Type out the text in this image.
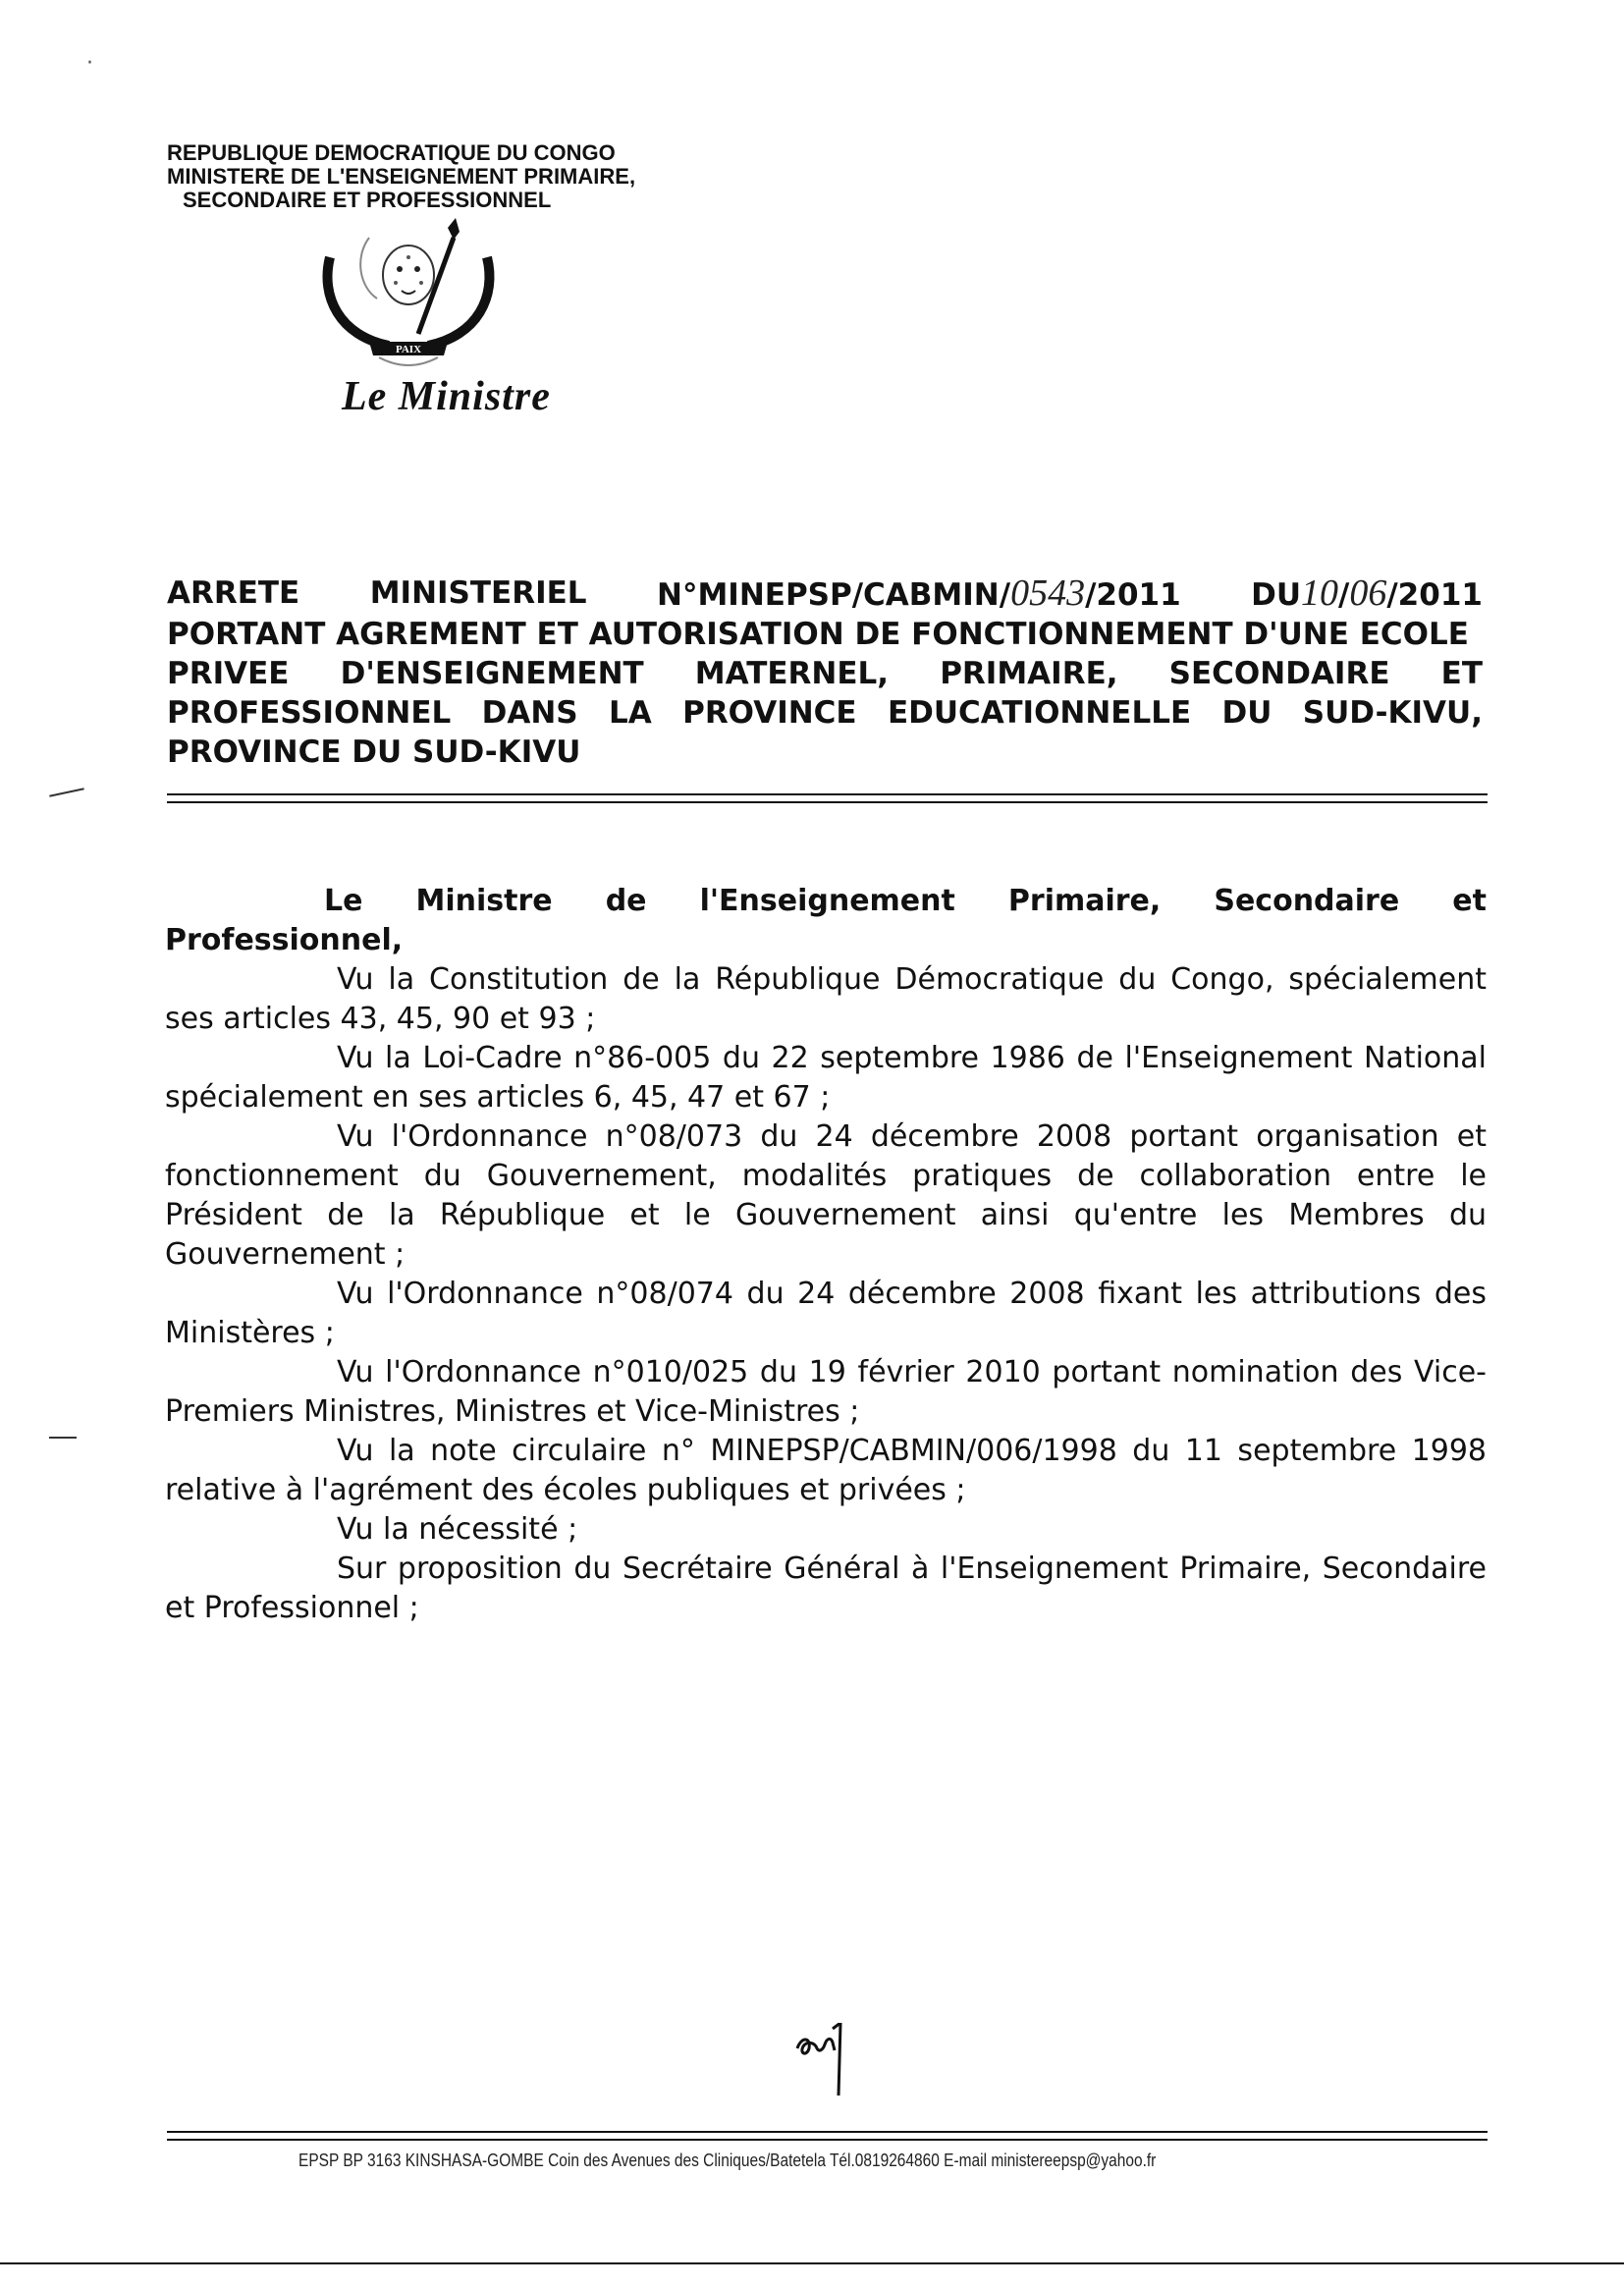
·
REPUBLIQUE DEMOCRATIQUE DU CONGO
MINISTERE DE L'ENSEIGNEMENT PRIMAIRE,
SECONDAIRE ET PROFESSIONNEL
PAIX
Le Ministre
ARRETE MINISTERIEL N°MINEPSP/CABMIN/0543/2011 DU10/06/2011
PORTANT AGREMENT ET AUTORISATION DE FONCTIONNEMENT D'UNE ECOLE
PRIVEE D'ENSEIGNEMENT MATERNEL, PRIMAIRE, SECONDAIRE ET
PROFESSIONNEL DANS LA PROVINCE EDUCATIONNELLE DU SUD-KIVU,
PROVINCE DU SUD-KIVU
Le Ministre de l'Enseignement Primaire, Secondaire et
Professionnel,

Vu la Constitution de la République Démocratique du Congo, spécialement ses articles 43, 45, 90 et 93 ;

Vu la Loi-Cadre n°86-005 du 22 septembre 1986 de l'Enseignement National spécialement en ses articles 6, 45, 47 et 67 ;

Vu l'Ordonnance n°08/073 du 24 décembre 2008 portant organisation et fonctionnement du Gouvernement, modalités pratiques de collaboration entre le Président de la République et le Gouvernement ainsi qu'entre les Membres du Gouvernement ;

Vu l'Ordonnance n°08/074 du 24 décembre 2008 fixant les attributions des Ministères ;

Vu l'Ordonnance n°010/025 du 19 février 2010 portant nomination des Vice-Premiers Ministres, Ministres et Vice-Ministres ;

Vu la note circulaire n° MINEPSP/CABMIN/006/1998 du 11 septembre 1998 relative à l'agrément des écoles publiques et privées ;

Vu la nécessité ;

Sur proposition du Secrétaire Général à l'Enseignement Primaire, Secondaire et Professionnel ;

EPSP BP 3163 KINSHASA-GOMBE Coin des Avenues des Cliniques/Batetela Tél.0819264860 E-mail ministereepsp@yahoo.fr
